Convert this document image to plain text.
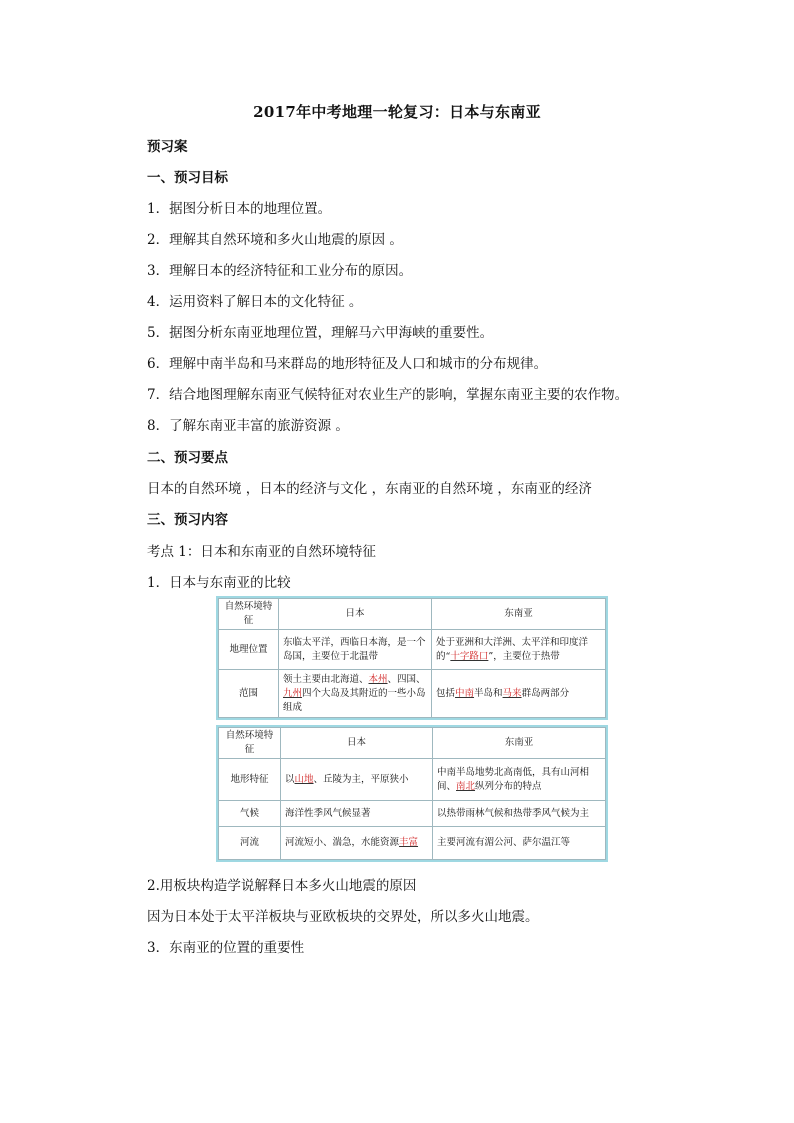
2017年中考地理一轮复习：日本与东南亚
预习案
一、预习目标
1．据图分析日本的地理位置。
2．理解其自然环境和多火山地震的原因 。
3．理解日本的经济特征和工业分布的原因。
4．运用资料了解日本的文化特征 。
5．据图分析东南亚地理位置，理解马六甲海峡的重要性。
6．理解中南半岛和马来群岛的地形特征及人口和城市的分布规律。
7．结合地图理解东南亚气候特征对农业生产的影响，掌握东南亚主要的农作物。
8．了解东南亚丰富的旅游资源 。
二、预习要点
日本的自然环境 ，日本的经济与文化 ，东南亚的自然环境 ，东南亚的经济
三、预习内容
考点 1：日本和东南亚的自然环境特征
1．日本与东南亚的比较
自然环境特征	日本	东南亚
地理位置	东临太平洋，西临日本海，是一个岛国，主要位于北温带	处于亚洲和大洋洲、太平洋和印度洋的“十字路口”，主要位于热带
范围	领土主要由北海道、本州、四国、九州四个大岛及其附近的一些小岛组成	包括中南半岛和马来群岛两部分
自然环境特征	日本	东南亚
地形特征	以山地、丘陵为主，平原狭小	中南半岛地势北高南低，具有山河相间、南北纵列分布的特点
气候	海洋性季风气候显著	以热带雨林气候和热带季风气候为主
河流	河流短小、湍急，水能资源丰富	主要河流有湄公河、萨尔温江等
2.用板块构造学说解释日本多火山地震的原因
因为日本处于太平洋板块与亚欧板块的交界处，所以多火山地震。
3．东南亚的位置的重要性
